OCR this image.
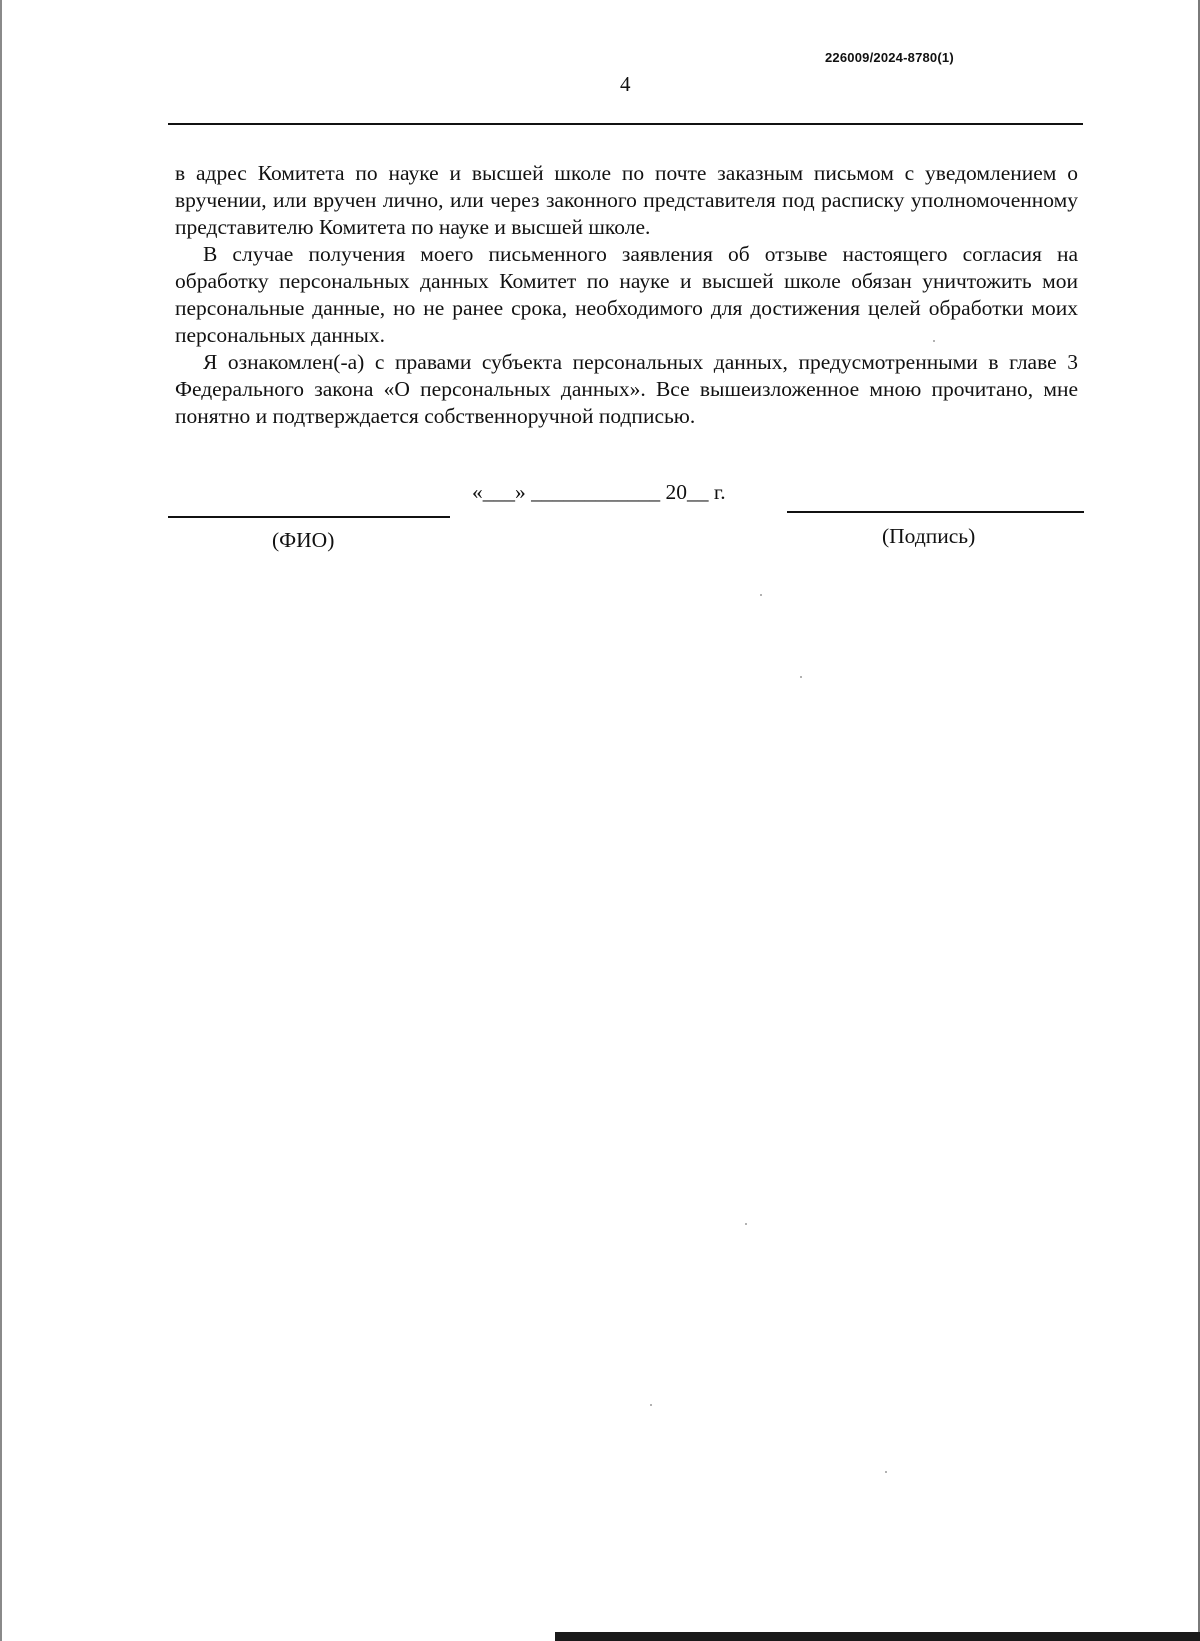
226009/2024-8780(1)
4

в адрес Комитета по науке и высшей школе по почте заказным письмом с уведомлением о вручении, или вручен лично, или через законного представителя под расписку уполномоченному представителю Комитета по науке и высшей школе.

В случае получения моего письменного заявления об отзыве настоящего согласия на обработку персональных данных Комитет по науке и высшей школе обязан уничтожить мои персональные данные, но не ранее срока, необходимого для достижения целей обработки моих персональных данных.

Я ознакомлен(-а) с правами субъекта персональных данных, предусмотренными в главе 3 Федерального закона «О персональных данных». Все вышеизложенное мною прочитано, мне понятно и подтверждается собственноручной подписью.

«___» ____________ 20__ г.
(ФИО)	(Подпись)
